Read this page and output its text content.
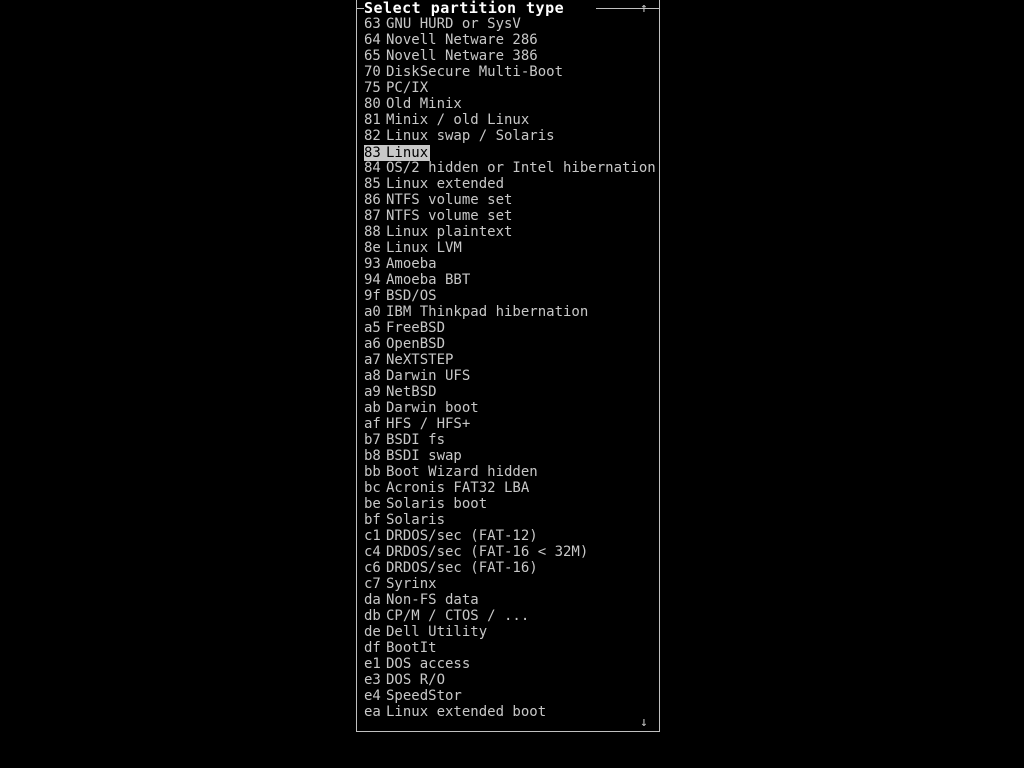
Select partition type	↑
↓
63 GNU HURD or SysV
64 Novell Netware 286
65 Novell Netware 386
70 DiskSecure Multi-Boot
75 PC/IX
80 Old Minix
81 Minix / old Linux
82 Linux swap / Solaris
83 Linux
84 OS/2 hidden or Intel hibernation
85 Linux extended
86 NTFS volume set
87 NTFS volume set
88 Linux plaintext
8e Linux LVM
93 Amoeba
94 Amoeba BBT
9f BSD/OS
a0 IBM Thinkpad hibernation
a5 FreeBSD
a6 OpenBSD
a7 NeXTSTEP
a8 Darwin UFS
a9 NetBSD
ab Darwin boot
af HFS / HFS+
b7 BSDI fs
b8 BSDI swap
bb Boot Wizard hidden
bc Acronis FAT32 LBA
be Solaris boot
bf Solaris
c1 DRDOS/sec (FAT-12)
c4 DRDOS/sec (FAT-16 < 32M)
c6 DRDOS/sec (FAT-16)
c7 Syrinx
da Non-FS data
db CP/M / CTOS / ...
de Dell Utility
df BootIt
e1 DOS access
e3 DOS R/O
e4 SpeedStor
ea Linux extended boot
